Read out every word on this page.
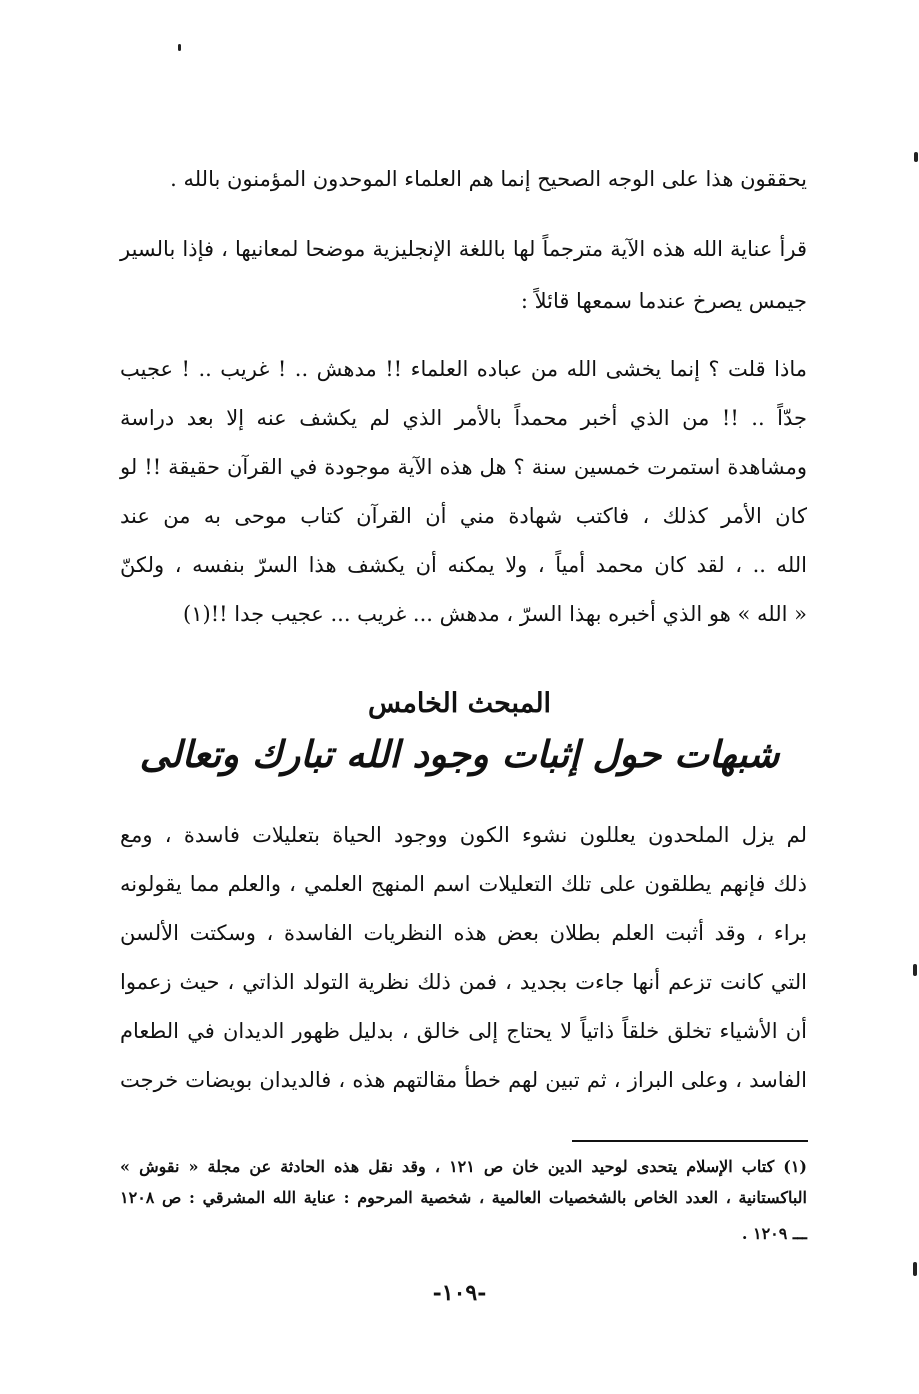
يحققون هذا على الوجه الصحيح إنما هم العلماء الموحدون المؤمنون بالله .
قرأ عناية الله هذه الآية مترجماً لها باللغة الإنجليزية موضحا لمعانيها ، فإذا بالسير
جيمس يصرخ عندما سمعها قائلاً :
ماذا قلت ؟ إنما يخشى الله من عباده العلماء !! مدهش .. ! غريب .. ! عجيب
جدّاً .. !! من الذي أخبر محمداً بالأمر الذي لم يكشف عنه إلا بعد دراسة
ومشاهدة استمرت خمسين سنة ؟ هل هذه الآية موجودة في القرآن حقيقة !! لو
كان الأمر كذلك ، فاكتب شهادة مني أن القرآن كتاب موحى به من عند
الله .. ، لقد كان محمد أمياً ، ولا يمكنه أن يكشف هذا السرّ بنفسه ، ولكنّ
« الله » هو الذي أخبره بهذا السرّ ، مدهش ... غريب ... عجيب جدا !!(١)
المبحث الخامس
شبهات حول إثبات وجود الله تبارك وتعالى
لم يزل الملحدون يعللون نشوء الكون ووجود الحياة بتعليلات فاسدة ، ومع
ذلك فإنهم يطلقون على تلك التعليلات اسم المنهج العلمي ، والعلم مما يقولونه
براء ، وقد أثبت العلم بطلان بعض هذه النظريات الفاسدة ، وسكتت الألسن
التي كانت تزعم أنها جاءت بجديد ، فمن ذلك نظرية التولد الذاتي ، حيث زعموا
أن الأشياء تخلق خلقاً ذاتياً لا يحتاج إلى خالق ، بدليل ظهور الديدان في الطعام
الفاسد ، وعلى البراز ، ثم تبين لهم خطأ مقالتهم هذه ، فالديدان بويضات خرجت
(١) كتاب الإسلام يتحدى لوحيد الدين خان ص ١٢١ ، وقد نقل هذه الحادثة عن مجلة « نقوش »
الباكستانية ، العدد الخاص بالشخصيات العالمية ، شخصية المرحوم : عناية الله المشرقي : ص ١٢٠٨
ـــ ١٢٠٩ .
-١٠٩-
